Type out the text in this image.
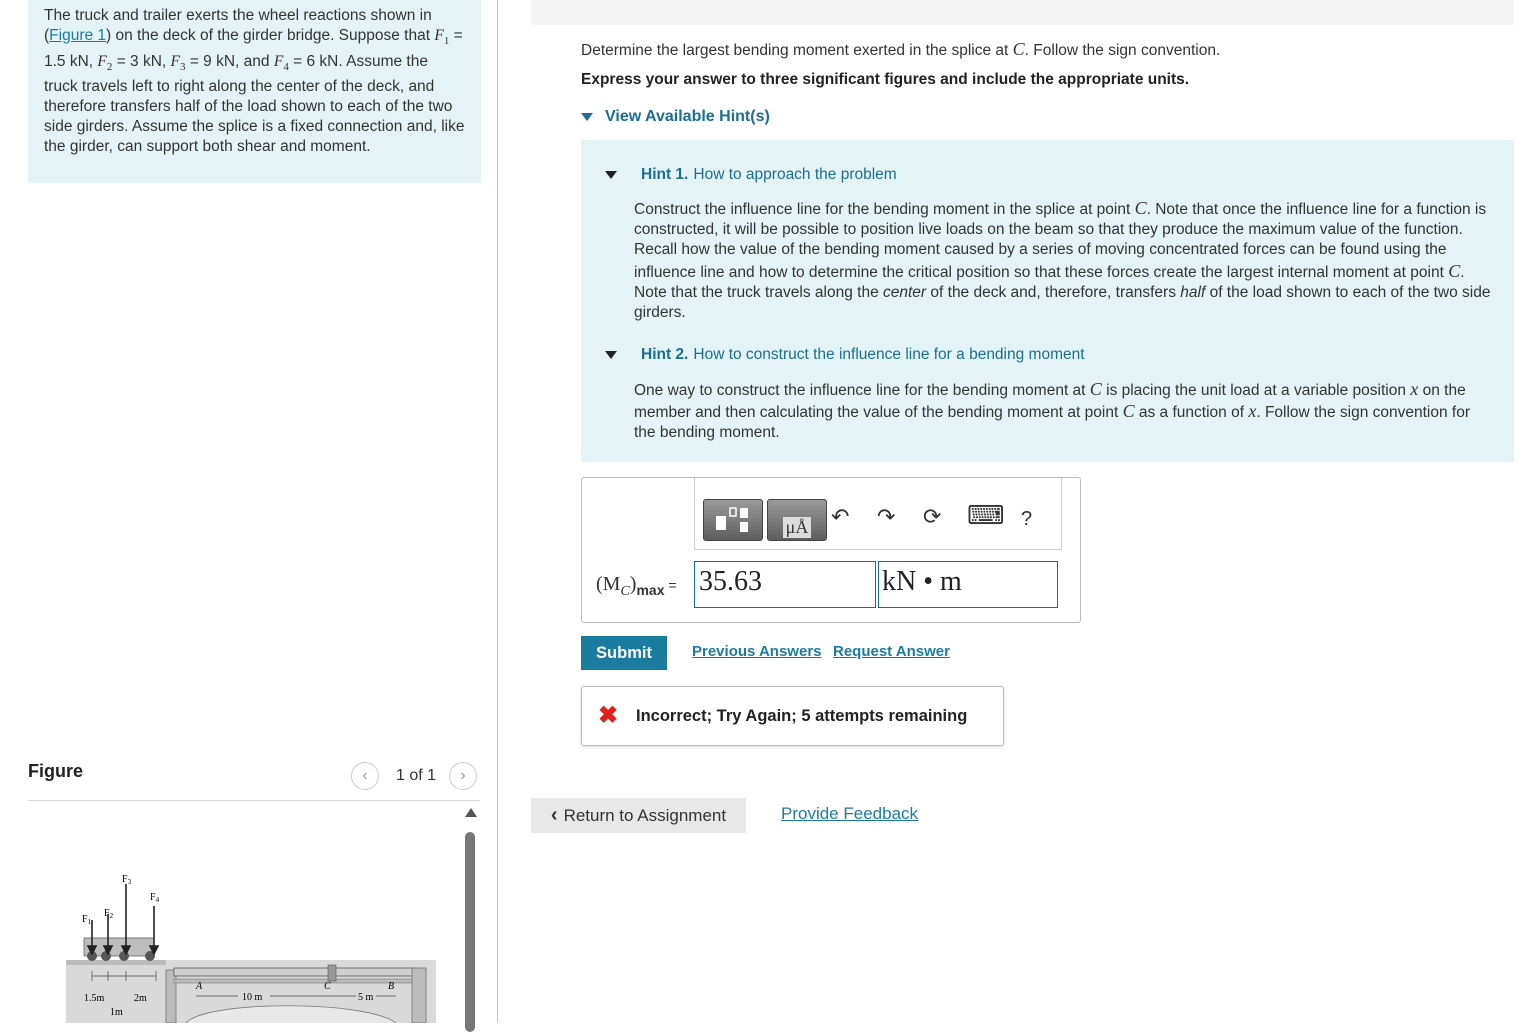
The truck and trailer exerts the wheel reactions shown in (Figure 1) on the deck of the girder bridge. Suppose that $F_1 = 1.5$ kN, $F_2 = 3$ kN, $F_3 = 9$ kN, and $F_4 = 6$ kN. Assume the truck travels left to right along the center of the deck, and therefore transfers half of the load shown to each of the two side girders. Assume the splice is a fixed connection and, like the girder, can support both shear and moment.
Figure	‹ 1 of 1 ›
$F_1$
$F_2$
$F_3$
$F_4$
1.5m	2m
1m
A	C	B
10 m	5 m
Determine the largest bending moment exerted in the splice at C. Follow the sign convention.
Express your answer to three significant figures and include the appropriate units.
View Available Hint(s)
Hint 1. How to approach the problem
Construct the influence line for the bending moment in the splice at point C. Note that once the influence line for a function is constructed, it will be possible to position live loads on the beam so that they produce the maximum value of the function. Recall how the value of the bending moment caused by a series of moving concentrated forces can be found using the influence line and how to determine the critical position so that these forces create the largest internal moment at point C. Note that the truck travels along the center of the deck and, therefore, transfers half of the load shown to each of the two side girders.
Hint 2. How to construct the influence line for a bending moment
One way to construct the influence line for the bending moment at C is placing the unit load at a variable position x on the member and then calculating the value of the bending moment at point C as a function of x. Follow the sign convention for the bending moment.
μÅ ↶ ↷ ⟳ ⌨ ?
$(M_C)_{max} = 35.63$	kN • m
Submit	Previous Answers Request Answer
✖ Incorrect; Try Again; 5 attempts remaining
‹ Return to Assignment	Provide Feedback
